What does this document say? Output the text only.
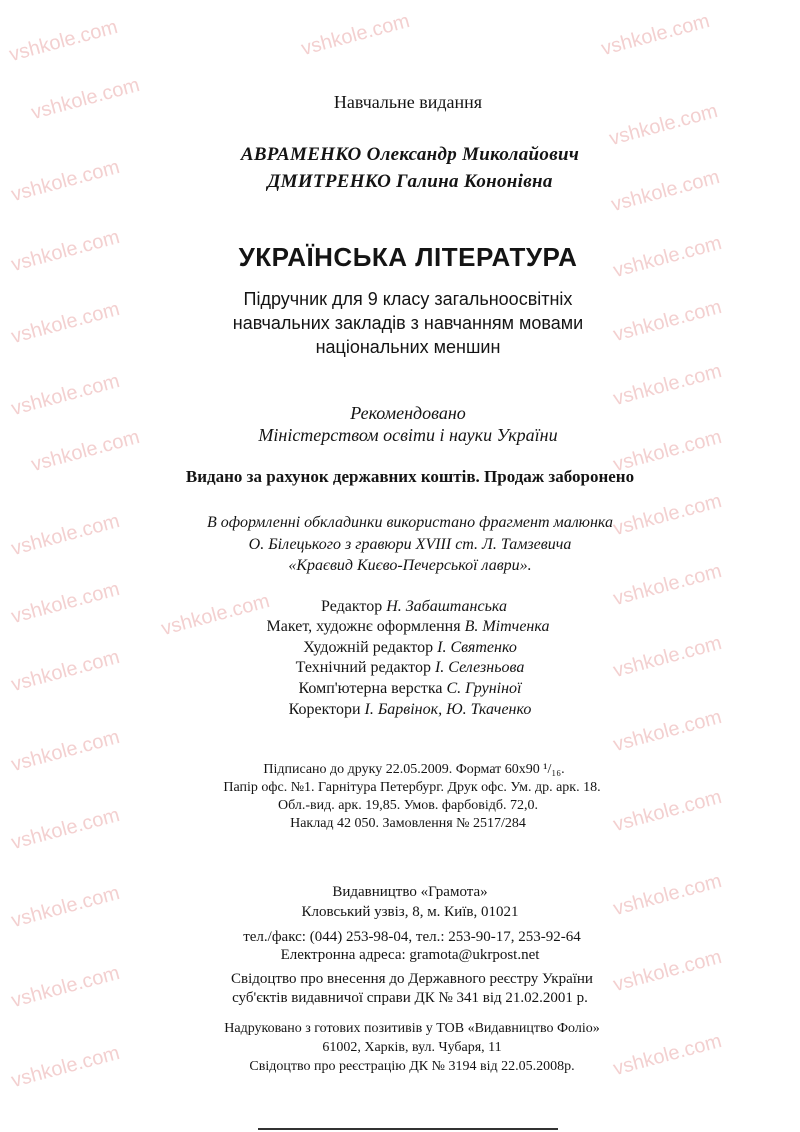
vshkole.com	vshkole.com	vshkole.com
vshkole.com
vshkole.com
vshkole.com	vshkole.com
vshkole.com	vshkole.com
vshkole.com	vshkole.com
vshkole.com	vshkole.com
vshkole.com	vshkole.com
vshkole.com	vshkole.com
vshkole.com vshkole.com
vshkole.com
vshkole.com	vshkole.com
vshkole.com	vshkole.com
vshkole.com	vshkole.com
vshkole.com	vshkole.com
vshkole.com	vshkole.com
vshkole.com	vshkole.com
Навчальне видання
АВРАМЕНКО Олександр Миколайович
ДМИТРЕНКО Галина Кононівна
УКРАЇНСЬКА ЛІТЕРАТУРА
Підручник для 9 класу загальноосвітніх
навчальних закладів з навчанням мовами
національних меншин
Рекомендовано
Міністерством освіти і науки України
Видано за рахунок державних коштів. Продаж заборонено
В оформленні обкладинки використано фрагмент малюнка
О. Білецького з гравюри XVIII ст. Л. Тамзевича
«Краєвид Києво-Печерської лаври».
Редактор Н. Забаштанська
Макет, художнє оформлення В. Мітченка
Художній редактор І. Святенко
Технічний редактор І. Селезньова
Комп'ютерна верстка С. Груніної
Коректори І. Барвінок, Ю. Ткаченко
Підписано до друку 22.05.2009. Формат 60x90 ¹/₁₆.
Папір офс. №1. Гарнітура Петербург. Друк офс. Ум. др. арк. 18.
Обл.-вид. арк. 19,85. Умов. фарбовідб. 72,0.
Наклад 42 050. Замовлення № 2517/284
Видавництво «Грамота»
Кловський узвіз, 8, м. Київ, 01021
тел./факс: (044) 253-98-04, тел.: 253-90-17, 253-92-64
Електронна адреса: gramota@ukrpost.net
Свідоцтво про внесення до Державного реєстру України
суб'єктів видавничої справи ДК № 341 від 21.02.2001 р.
Надруковано з готових позитивів у ТОВ «Видавництво Фоліо»
61002, Харків, вул. Чубаря, 11
Свідоцтво про реєстрацію ДК № 3194 від 22.05.2008р.
